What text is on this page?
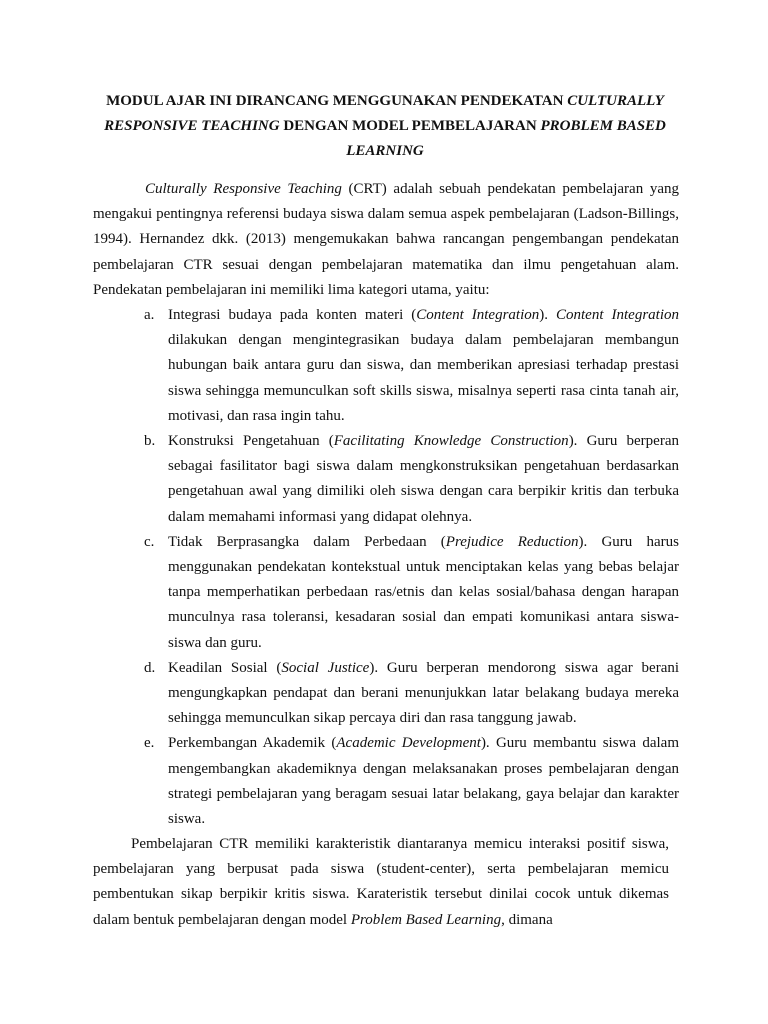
MODUL AJAR INI DIRANCANG MENGGUNAKAN PENDEKATAN CULTURALLY RESPONSIVE TEACHING DENGAN MODEL PEMBELAJARAN PROBLEM BASED LEARNING

Culturally Responsive Teaching (CRT) adalah sebuah pendekatan pembelajaran yang mengakui pentingnya referensi budaya siswa dalam semua aspek pembelajaran (Ladson-Billings, 1994). Hernandez dkk. (2013) mengemukakan bahwa rancangan pengembangan pendekatan pembelajaran CTR sesuai dengan pembelajaran matematika dan ilmu pengetahuan alam. Pendekatan pembelajaran ini memiliki lima kategori utama, yaitu:

a. Integrasi budaya pada konten materi (Content Integration). Content Integration dilakukan dengan mengintegrasikan budaya dalam pembelajaran membangun hubungan baik antara guru dan siswa, dan memberikan apresiasi terhadap prestasi siswa sehingga memunculkan soft skills siswa, misalnya seperti rasa cinta tanah air, motivasi, dan rasa ingin tahu.
b. Konstruksi Pengetahuan (Facilitating Knowledge Construction). Guru berperan sebagai fasilitator bagi siswa dalam mengkonstruksikan pengetahuan berdasarkan pengetahuan awal yang dimiliki oleh siswa dengan cara berpikir kritis dan terbuka dalam memahami informasi yang didapat olehnya.
c. Tidak Berprasangka dalam Perbedaan (Prejudice Reduction). Guru harus menggunakan pendekatan kontekstual untuk menciptakan kelas yang bebas belajar tanpa memperhatikan perbedaan ras/etnis dan kelas sosial/bahasa dengan harapan munculnya rasa toleransi, kesadaran sosial dan empati komunikasi antara siswa- siswa dan guru.
d. Keadilan Sosial (Social Justice). Guru berperan mendorong siswa agar berani mengungkapkan pendapat dan berani menunjukkan latar belakang budaya mereka sehingga memunculkan sikap percaya diri dan rasa tanggung jawab.
e. Perkembangan Akademik (Academic Development). Guru membantu siswa dalam mengembangkan akademiknya dengan melaksanakan proses pembelajaran dengan strategi pembelajaran yang beragam sesuai latar belakang, gaya belajar dan karakter siswa.

Pembelajaran CTR memiliki karakteristik diantaranya memicu interaksi positif siswa, pembelajaran yang berpusat pada siswa (student-center), serta pembelajaran memicu pembentukan sikap berpikir kritis siswa. Karateristik tersebut dinilai cocok untuk dikemas dalam bentuk pembelajaran dengan model Problem Based Learning, dimana
